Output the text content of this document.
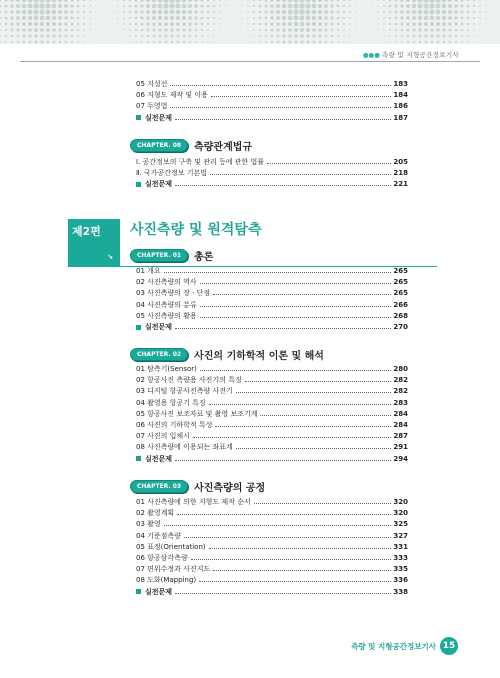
●●● 측량 및 지형공간정보기사
CHAPTER. 08	측량관계법규
제2편
↘
사진측량 및 원격탐측
CHAPTER. 01	총론
CHAPTER. 02	사진의 기하학적 이론 및 해석
CHAPTER. 03	사진측량의 공정
05 지성선	183
06 지형도 제작 및 이용	184
07 두영법	186
실전문제	187
Ⅰ. 공간정보의 구축 및 관리 등에 관한 법률	205
Ⅱ. 국가공간정보 기본법	218
실전문제	221
01 개요	265
02 사진측량의 역사	265
03 사진측량의 장 · 단점	265
04 사진측량의 분류	266
05 사진측량의 활용	268
실전문제	270
01 탐측기(Sensor)	280
02 항공사진 측량용 사진기의 특징	282
03 디지털 항공사진측량 사진기	282
04 촬영용 항공기 특징	283
05 항공사진 보조자료 및 촬영 보조기계	284
06 사진의 기하학적 특성	284
07 사진의 입체시	287
08 사진측량에 이용되는 좌표계	291
실전문제	294
01 사진측량에 의한 지형도 제작 순서	320
02 촬영계획	320
03 촬영	325
04 기준점측량	327
05 표정(Orientation)	331
06 항공삼각측량	333
07 편위수정과 사진지도	335
08 도화(Mapping)	336
실전문제	338
측량 및 지형공간정보기사 15
